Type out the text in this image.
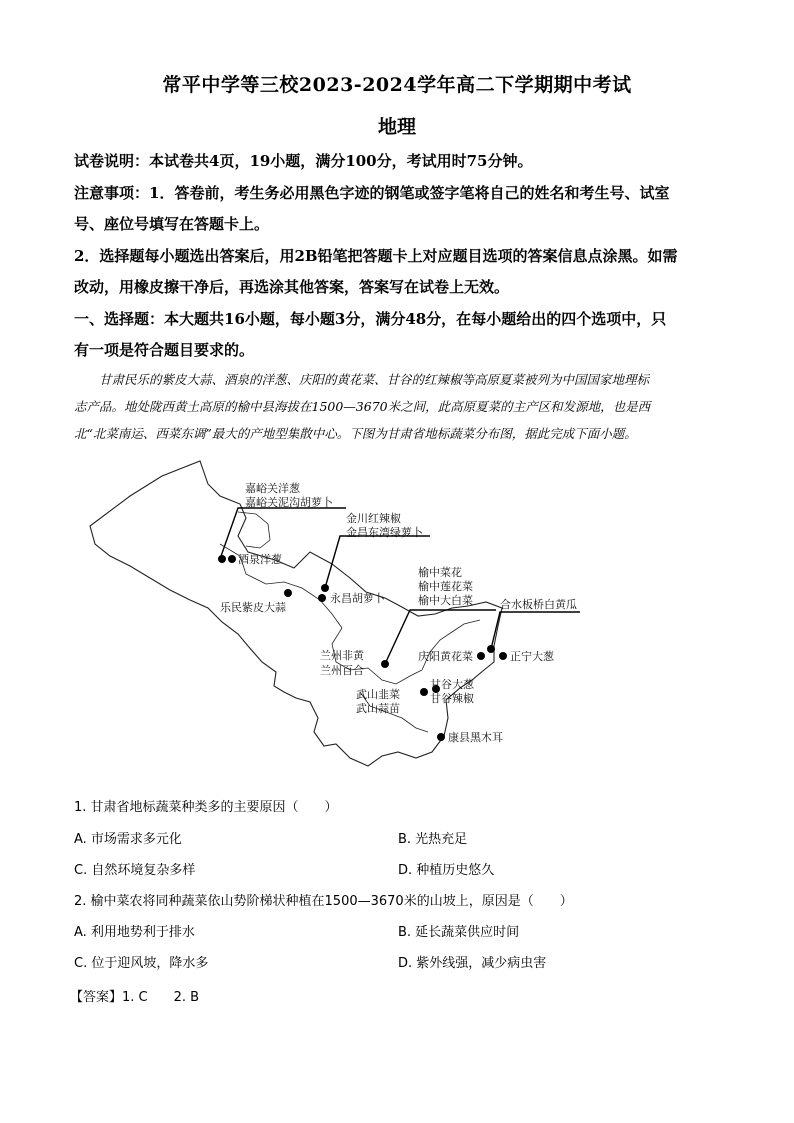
常平中学等三校2023-2024学年高二下学期期中考试
地理
试卷说明：本试卷共4页，19小题，满分100分，考试用时75分钟。
注意事项：1．答卷前，考生务必用黑色字迹的钢笔或签字笔将自己的姓名和考生号、试室
号、座位号填写在答题卡上。
2．选择题每小题选出答案后，用2B铅笔把答题卡上对应题目选项的答案信息点涂黑。如需
改动，用橡皮擦干净后，再选涂其他答案，答案写在试卷上无效。
一、选择题：本大题共16小题，每小题3分，满分48分，在每小题给出的四个选项中，只
有一项是符合题目要求的。
甘肃民乐的紫皮大蒜、酒泉的洋葱、庆阳的黄花菜、甘谷的红辣椒等高原夏菜被列为中国国家地理标
志产品。地处陇西黄土高原的榆中县海拔在1500—3670米之间，此高原夏菜的主产区和发源地，也是西
北“北菜南运、西菜东调”最大的产地型集散中心。下图为甘肃省地标蔬菜分布图，据此完成下面小题。
嘉峪关洋葱
嘉峪关泥沟胡萝卜
金川红辣椒
金昌东湾绿萝卜
酒泉洋葱
永昌胡萝卜
乐民紫皮大蒜
榆中菜花
榆中莲花菜
榆中大白菜 合水板桥白黄瓜
兰州非黄
兰州百合
庆阳黄花菜	正宁大葱
甘谷大葱
甘谷辣椒
武山韭菜
武山蒜苗
康县黑木耳
1. 甘肃省地标蔬菜种类多的主要原因（　　）
A. 市场需求多元化	B. 光热充足
C. 自然环境复杂多样	D. 种植历史悠久
2. 榆中菜农将同种蔬菜依山势阶梯状种植在1500—3670米的山坡上，原因是（　　）
A. 利用地势利于排水	B. 延长蔬菜供应时间
C. 位于迎风坡，降水多	D. 紫外线强，减少病虫害
【答案】1. C　　2. B
